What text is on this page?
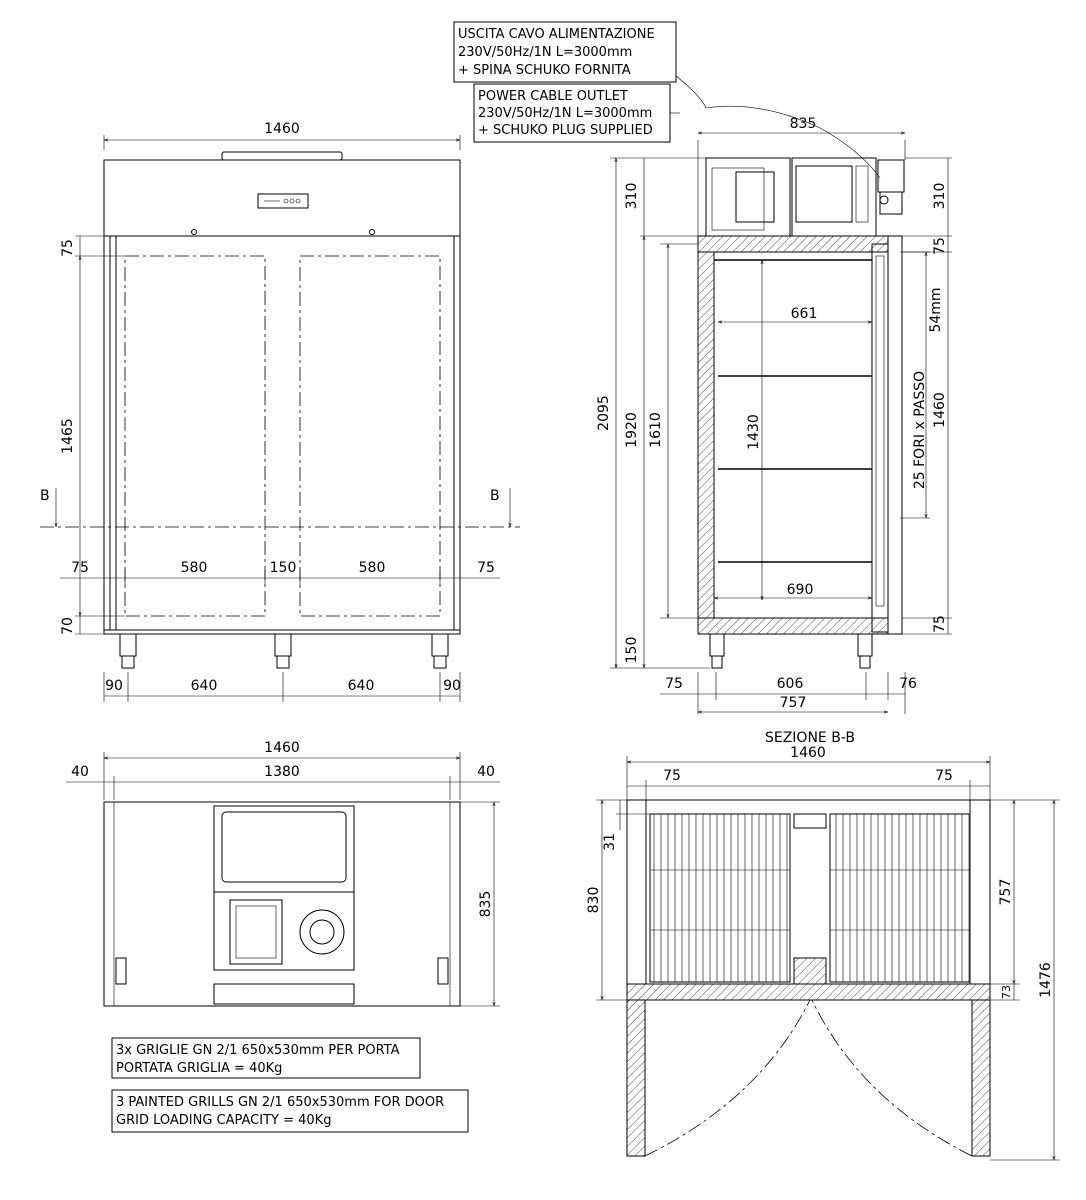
USCITA CAVO ALIMENTAZIONE
230V/50Hz/1N L=3000mm
+ SPINA SCHUKO FORNITA
POWER CABLE OUTLET
230V/50Hz/1N L=3000mm
+ SCHUKO PLUG SUPPLIED
1460
75
1465
70
B	B
75	580	150	580	75
90	640	640	90
835
2095
310
1920 1610
150
310
75
75
54mm
25 FORI x PASSO 1460
661
1430
690
75	606	76
757
SEZIONE B-B
1460
40	1380	40
835
3x GRIGLIE GN 2/1 650x530mm PER PORTA
PORTATA GRIGLIA = 40Kg
3 PAINTED GRILLS GN 2/1 650x530mm FOR DOOR
GRID LOADING CAPACITY = 40Kg
1460
75	75
830
31
757
73 1476
